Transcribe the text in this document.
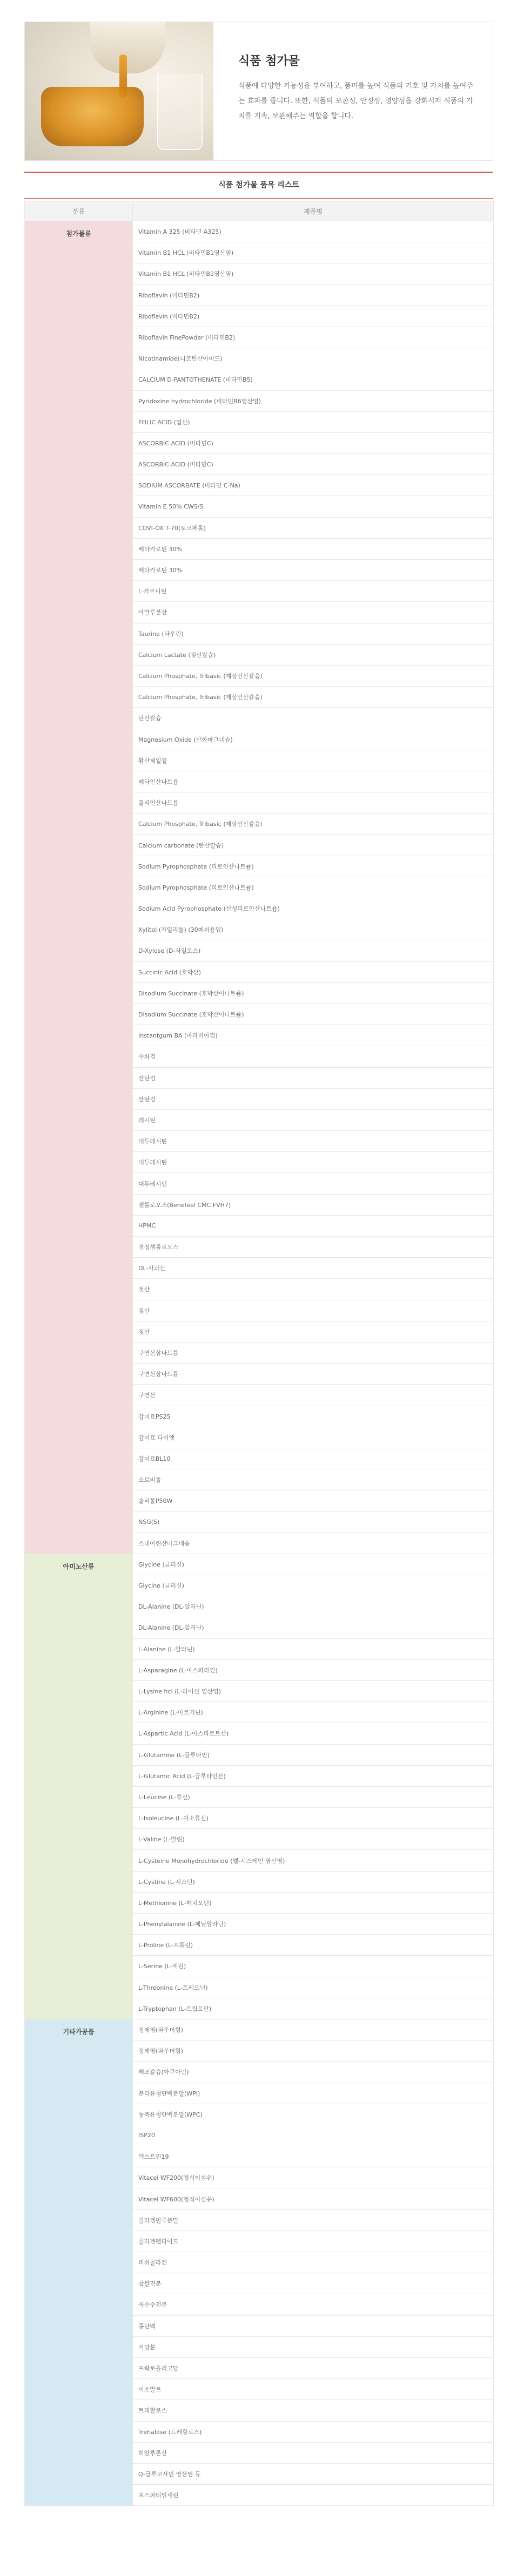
식품 첨가물

식품에 다양한 기능성을 부여하고, 품미를 높여 식품의 기호 및 가치를 높여주는 효과를 줍니다. 또한, 식품의 보존성, 안정성, 영양성을 강화시켜 식품의 가치를 지속, 보완해주는 역할을 합니다.

식품 첨가물 품목 리스트
분류	제품명
첨가물류	Vitamin A 325 (비타민 A325)
	Vitamin B1 HCL (비타민B1염산염)
	Vitamin B1 HCL (비타민B1염산염)
	Riboflavin (비타민B2)
	Riboflavin (비타민B2)
	Riboflavin FinePowder (비타민B2)
	Nicotinamide(니코틴산아미드)
	CALCIUM D-PANTOTHENATE (비타민B5)
	Pyridoxine hydrochloride (비타민B6염산염)
	FOLIC ACID (엽산)
	ASCORBIC ACID (비타민C)
	ASCORBIC ACID (비타민C)
	SODIUM ASCORBATE (비타민 C-Na)
	Vitamin E 50% CWS/S
	COVI-OX T-70(토코페롤)
	베타카로틴 30%
	베타카로틴 30%
	L-카르니틴
	아말루본산
	Taurine (타우린)
	Calcium Lactate (젖산칼슘)
	Calcium Phosphate, Tribasic (제삼인산칼슘)
	Calcium Phosphate, Tribasic (제삼인산칼슘)
	탄산칼슘
	Magnesium Oxide (산화마그네슘)
	황산제일철
	메타인산나트륨
	폴리인산나트륨
	Calcium Phosphate, Tribasic (제삼인산칼슘)
	Calcium carbonate (탄산칼슘)
	Sodium Pyrophosphate (피로인산나트륨)
	Sodium Pyrophosphate (피로인산나트륨)
	Sodium Acid Pyrophosphate (산성피로인산나트륨)
	Xylitol (자일리톨) (30메쉬용입)
	D-Xylose (D-자일로스)
	Succinic Acid (호박산)
	Disodium Succinate (호박산이나트륨)
	Disodium Succinate (호박산이나트륨)
	Instantgum BA (아라비아검)
	수화검
	잔탄검
	잔탄검
	레시틴
	대두레시틴
	대두레시틴
	대두레시틴
	셀룰로오즈(Benefeel CMC FVH7)
	HPMC
	결정셀룰로오스
	DL-사과산
	젖산
	젖산
	젖산
	구연산삼나트륨
	구연산삼나트륨
	구연산
	감미료PS25
	감미료 다이엣
	감미료BL10
	소르비톨
	솔비톨P50W
	NSG(S)
	스테아린산마그네슘
아미노산류	Glycine (글리신)
	Glycine (글리신)
	DL-Alanine (DL-알라닌)
	DL-Alanine (DL-알라닌)
	L-Alanine (L-알라닌)
	L-Asparagine (L-아스파라긴)
	L-Lysine hcl (L-라이신 염산염)
	L-Arginine (L-아르기닌)
	L-Aspartic Acid (L-아스파르트산)
	L-Glutamine (L-글루타민)
	L-Glutamic Acid (L-글루타민산)
	L-Leucine (L-류신)
	L-Isoleucine (L-이소류신)
	L-Valine (L-발린)
	L-Cysteine Monohydrochloride (엘-시스테인 염산염)
	L-Cystine (L-시스틴)
	L-Methionine (L-메치오닌)
	L-Phenylalanine (L-페닐알라닌)
	L-Proline (L-프롤린)
	L-Serine (L-세린)
	L-Threonine (L-트레오닌)
	L-Tryptophan (L-트립토판)
기타가공품	정제염(파우더형)
	정제염(파우더형)
	해조칼슘(아쿠아민)
	분리유청단백분말(WPI)
	농축유청단백분말(WPC)
	ISP20
	덱스트린19
	Vitacel WF200(정식이섬유)
	Vitacel WF600(정식이섬유)
	콜라겐필루분말
	콜라겐펩타이드
	피쉬콜라겐
	찹쌀전분
	옥수수전분
	콩단백
	저당분
	프락토올리고당
	이소말트
	트레할로스
	Trehalose (트레할로스)
	히알루론산
	Q-글루코사민 염산염 등
	포스파티딜세린
